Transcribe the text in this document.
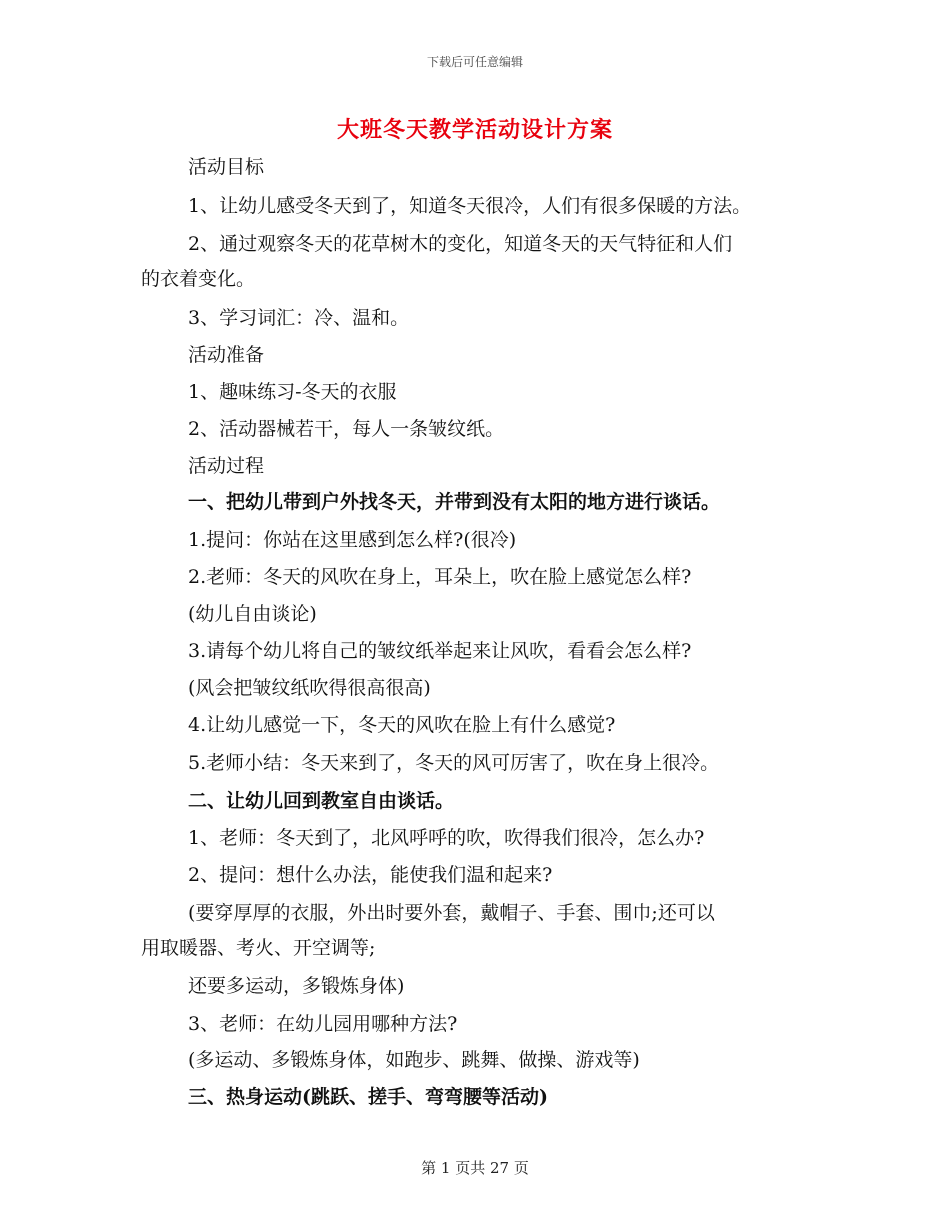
下载后可任意编辑
大班冬天教学活动设计方案
活动目标
1、让幼儿感受冬天到了，知道冬天很冷，人们有很多保暖的方法。
2、通过观察冬天的花草树木的变化，知道冬天的天气特征和人们
的衣着变化。
3、学习词汇：冷、温和。
活动准备
1、趣味练习-冬天的衣服
2、活动器械若干，每人一条皱纹纸。
活动过程
一、把幼儿带到户外找冬天，并带到没有太阳的地方进行谈话。
1.提问：你站在这里感到怎么样?(很冷)
2.老师：冬天的风吹在身上，耳朵上，吹在脸上感觉怎么样?
(幼儿自由谈论)
3.请每个幼儿将自己的皱纹纸举起来让风吹，看看会怎么样?
(风会把皱纹纸吹得很高很高)
4.让幼儿感觉一下，冬天的风吹在脸上有什么感觉?
5.老师小结：冬天来到了，冬天的风可厉害了，吹在身上很冷。
二、让幼儿回到教室自由谈话。
1、老师：冬天到了，北风呼呼的吹，吹得我们很冷，怎么办?
2、提问：想什么办法，能使我们温和起来?
(要穿厚厚的衣服，外出时要外套，戴帽子、手套、围巾;还可以
用取暖器、考火、开空调等;
还要多运动，多锻炼身体)
3、老师：在幼儿园用哪种方法?
(多运动、多锻炼身体，如跑步、跳舞、做操、游戏等)
三、热身运动(跳跃、搓手、弯弯腰等活动)
第 1 页共 27 页
